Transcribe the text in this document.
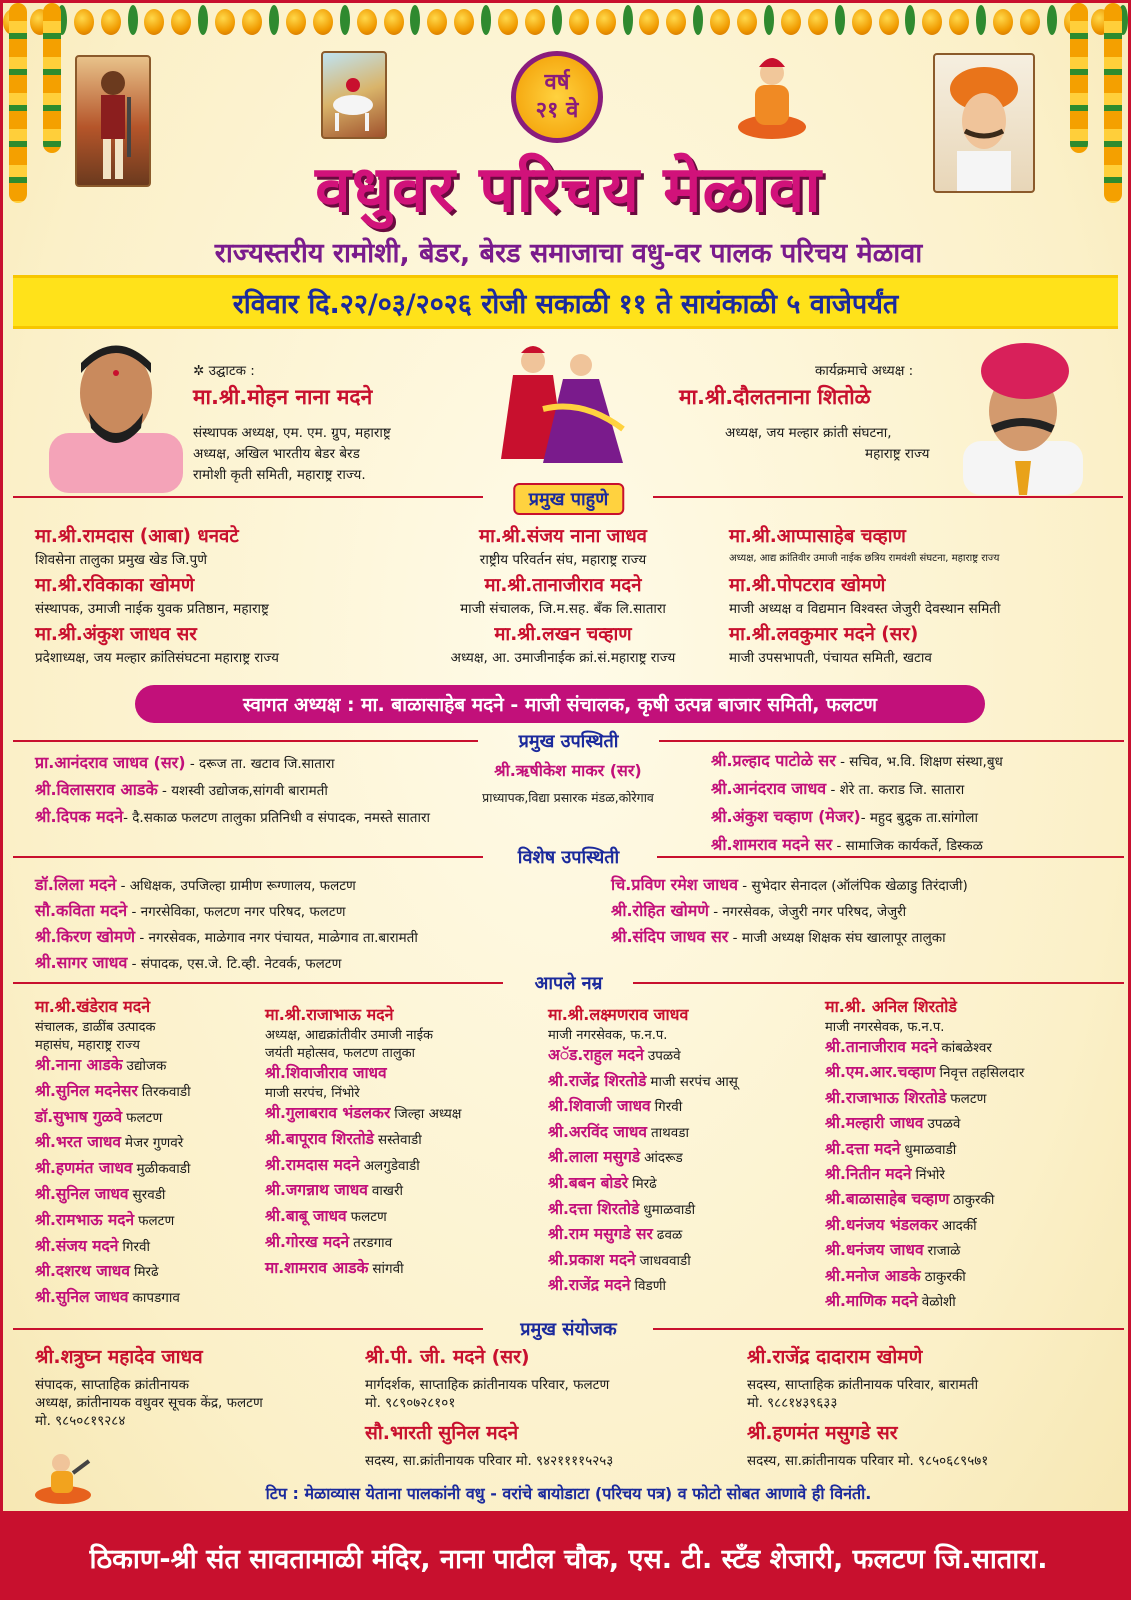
वर्ष
२१ वे
वधुवर परिचय मेळावा
राज्यस्तरीय रामोशी, बेडर, बेरड समाजाचा वधु-वर पालक परिचय मेळावा
रविवार दि.२२/०३/२०२६ रोजी सकाळी ११ ते सायंकाळी ५ वाजेपर्यंत
✲ उद्घाटक :
मा.श्री.मोहन नाना मदने
संस्थापक अध्यक्ष, एम. एम. ग्रुप, महाराष्ट्र
अध्यक्ष, अखिल भारतीय बेडर बेरड
रामोशी कृती समिती, महाराष्ट्र राज्य.
कार्यक्रमाचे अध्यक्ष :
मा.श्री.दौलतनाना शितोळे
अध्यक्ष, जय मल्हार क्रांती संघटना,
महाराष्ट्र राज्य
प्रमुख पाहुणे
मा.श्री.रामदास (आबा) धनवटे
शिवसेना तालुका प्रमुख खेड जि.पुणे
मा.श्री.रविकाका खोमणे
संस्थापक, उमाजी नाईक युवक प्रतिष्ठान, महाराष्ट्र
मा.श्री.अंकुश जाधव सर
प्रदेशाध्यक्ष, जय मल्हार क्रांतिसंघटना महाराष्ट्र राज्य
मा.श्री.संजय नाना जाधव
राष्ट्रीय परिवर्तन संघ, महाराष्ट्र राज्य
मा.श्री.तानाजीराव मदने
माजी संचालक, जि.म.सह. बँक लि.सातारा
मा.श्री.लखन चव्हाण
अध्यक्ष, आ. उमाजीनाईक क्रां.सं.महाराष्ट्र राज्य
मा.श्री.आप्पासाहेब चव्हाण
अध्यक्ष, आद्य क्रांतिवीर उमाजी नाईक छत्रिय रामवंशी संघटना, महाराष्ट्र राज्य
मा.श्री.पोपटराव खोमणे
माजी अध्यक्ष व विद्यमान विश्वस्त जेजुरी देवस्थान समिती
मा.श्री.लवकुमार मदने (सर)
माजी उपसभापती, पंचायत समिती, खटाव
स्वागत अध्यक्ष : मा. बाळासाहेब मदने - माजी संचालक, कृषी उत्पन्न बाजार समिती, फलटण
प्रमुख उपस्थिती
प्रा.आनंदराव जाधव (सर) - दरूज ता. खटाव जि.सातारा
श्री.विलासराव आडके - यशस्वी उद्योजक,सांगवी बारामती
श्री.दिपक मदने- दै.सकाळ फलटण तालुका प्रतिनिधी व संपादक, नमस्ते सातारा
श्री.ऋषीकेश माकर (सर)
प्राध्यापक,विद्या प्रसारक मंडळ,कोरेगाव
श्री.प्रल्हाद पाटोळे सर - सचिव, भ.वि. शिक्षण संस्था,बुध
श्री.आनंदराव जाधव - शेरे ता. कराड जि. सातारा
श्री.अंकुश चव्हाण (मेजर)- महुद बुद्रुक ता.सांगोला
श्री.शामराव मदने सर - सामाजिक कार्यकर्ते, डिस्कळ
विशेष उपस्थिती
डॉ.लिला मदने - अधिक्षक, उपजिल्हा ग्रामीण रूग्णालय, फलटण
सौ.कविता मदने - नगरसेविका, फलटण नगर परिषद, फलटण
श्री.किरण खोमणे - नगरसेवक, माळेगाव नगर पंचायत, माळेगाव ता.बारामती
श्री.सागर जाधव - संपादक, एस.जे. टि.व्ही. नेटवर्क, फलटण
चि.प्रविण रमेश जाधव - सुभेदार सेनादल (ऑलंपिक खेळाडु तिरंदाजी)
श्री.रोहित खोमणे - नगरसेवक, जेजुरी नगर परिषद, जेजुरी
श्री.संदिप जाधव सर - माजी अध्यक्ष शिक्षक संघ खालापूर तालुका
आपले नम्र
मा.श्री.खंडेराव मदने
संचालक, डाळींब उत्पादक
महासंघ, महाराष्ट्र राज्य
श्री.नाना आडके उद्योजक
श्री.सुनिल मदनेसर तिरकवाडी
डॉ.सुभाष गुळवे फलटण
श्री.भरत जाधव मेजर गुणवरे
श्री.हणमंत जाधव मुळीकवाडी
श्री.सुनिल जाधव सुरवडी
श्री.रामभाऊ मदने फलटण
श्री.संजय मदने गिरवी
श्री.दशरथ जाधव मिरढे
श्री.सुनिल जाधव कापडगाव
मा.श्री.राजाभाऊ मदने
अध्यक्ष, आद्यक्रांतीवीर उमाजी नाईक
जयंती महोत्सव, फलटण तालुका
श्री.शिवाजीराव जाधव
माजी सरपंच, निंभोरे
श्री.गुलाबराव भंडलकर जिल्हा अध्यक्ष
श्री.बापूराव शिरतोडे सस्तेवाडी
श्री.रामदास मदने अलगुडेवाडी
श्री.जगन्नाथ जाधव वाखरी
श्री.बाबू जाधव फलटण
श्री.गोरख मदने तरडगाव
मा.शामराव आडके सांगवी
मा.श्री.लक्ष्मणराव जाधव
माजी नगरसेवक, फ.न.प.
अॅड.राहुल मदने उपळवे
श्री.राजेंद्र शिरतोडे माजी सरपंच आसू
श्री.शिवाजी जाधव गिरवी
श्री.अरविंद जाधव ताथवडा
श्री.लाला मसुगडे आंदरूड
श्री.बबन बोडरे मिरढे
श्री.दत्ता शिरतोडे धुमाळवाडी
श्री.राम मसुगडे सर ढवळ
श्री.प्रकाश मदने जाधववाडी
श्री.राजेंद्र मदने विडणी
मा.श्री. अनिल शिरतोडे
माजी नगरसेवक, फ.न.प.
श्री.तानाजीराव मदने कांबळेश्वर
श्री.एम.आर.चव्हाण निवृत्त तहसिलदार
श्री.राजाभाऊ शिरतोडे फलटण
श्री.मल्हारी जाधव उपळवे
श्री.दत्ता मदने धुमाळवाडी
श्री.नितीन मदने निंभोरे
श्री.बाळासाहेब चव्हाण ठाकुरकी
श्री.धनंजय भंडलकर आदर्की
श्री.धनंजय जाधव राजाळे
श्री.मनोज आडके ठाकुरकी
श्री.माणिक मदने वेळोशी
प्रमुख संयोजक
श्री.शत्रुघ्न महादेव जाधव
संपादक, साप्ताहिक क्रांतीनायक
अध्यक्ष, क्रांतीनायक वधुवर सूचक केंद्र, फलटण
मो. ९८५०८१९२८४
श्री.पी. जी. मदने (सर)
मार्गदर्शक, साप्ताहिक क्रांतीनायक परिवार, फलटण
मो. ९८९०७२८१०१
सौ.भारती सुनिल मदने
सदस्य, सा.क्रांतीनायक परिवार मो. ९४२११११५२५३
श्री.राजेंद्र दादाराम खोमणे
सदस्य, साप्ताहिक क्रांतीनायक परिवार, बारामती
मो. ९८८१४३९६३३
श्री.हणमंत मसुगडे सर
सदस्य, सा.क्रांतीनायक परिवार मो. ९८५०६८९५७१
टिप : मेळाव्यास येताना पालकांनी वधु - वरांचे बायोडाटा (परिचय पत्र) व फोटो सोबत आणावे ही विनंती.
ठिकाण-श्री संत सावतामाळी मंदिर, नाना पाटील चौक, एस. टी. स्टँड शेजारी, फलटण जि.सातारा.
